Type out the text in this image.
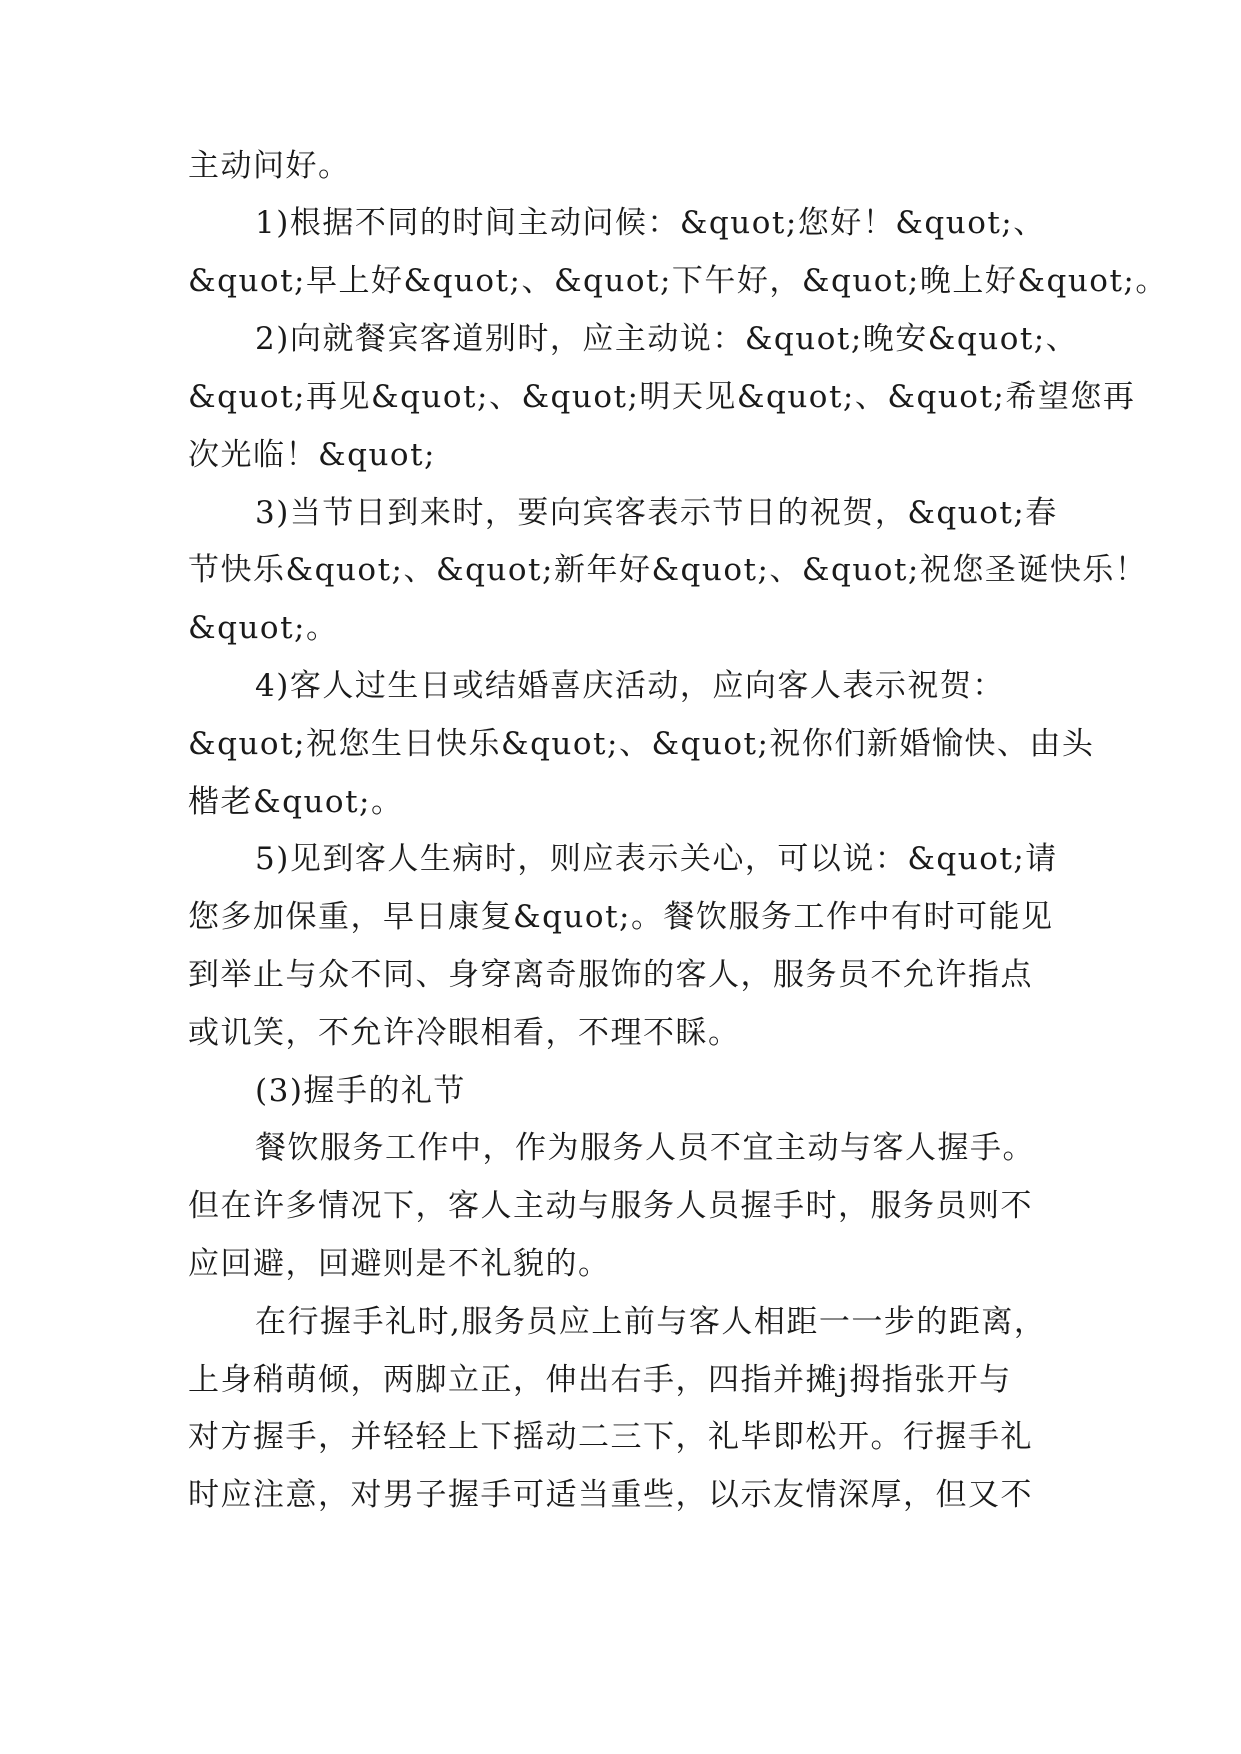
主动问好。

1)根据不同的时间主动问候：&quot;您好！&quot;、

&quot;早上好&quot;、&quot;下午好，&quot;晚上好&quot;。

2)向就餐宾客道别时，应主动说：&quot;晚安&quot;、

&quot;再见&quot;、&quot;明天见&quot;、&quot;希望您再

次光临！&quot;

3)当节日到来时，要向宾客表示节日的祝贺，&quot;春

节快乐&quot;、&quot;新年好&quot;、&quot;祝您圣诞快乐！

&quot;。

4)客人过生日或结婚喜庆活动，应向客人表示祝贺：

&quot;祝您生日快乐&quot;、&quot;祝你们新婚愉快、由头

楷老&quot;。

5)见到客人生病时，则应表示关心，可以说：&quot;请

您多加保重，早日康复&quot;。餐饮服务工作中有时可能见

到举止与众不同、身穿离奇服饰的客人，服务员不允许指点

或讥笑，不允许冷眼相看，不理不睬。

(3)握手的礼节

餐饮服务工作中，作为服务人员不宜主动与客人握手。

但在许多情况下，客人主动与服务人员握手时，服务员则不

应回避，回避则是不礼貌的。

在行握手礼时,服务员应上前与客人相距一一步的距离，

上身稍萌倾，两脚立正，伸出右手，四指并摊j拇指张开与

对方握手，并轻轻上下摇动二三下，礼毕即松开。行握手礼

时应注意，对男子握手可适当重些，以示友情深厚，但又不
